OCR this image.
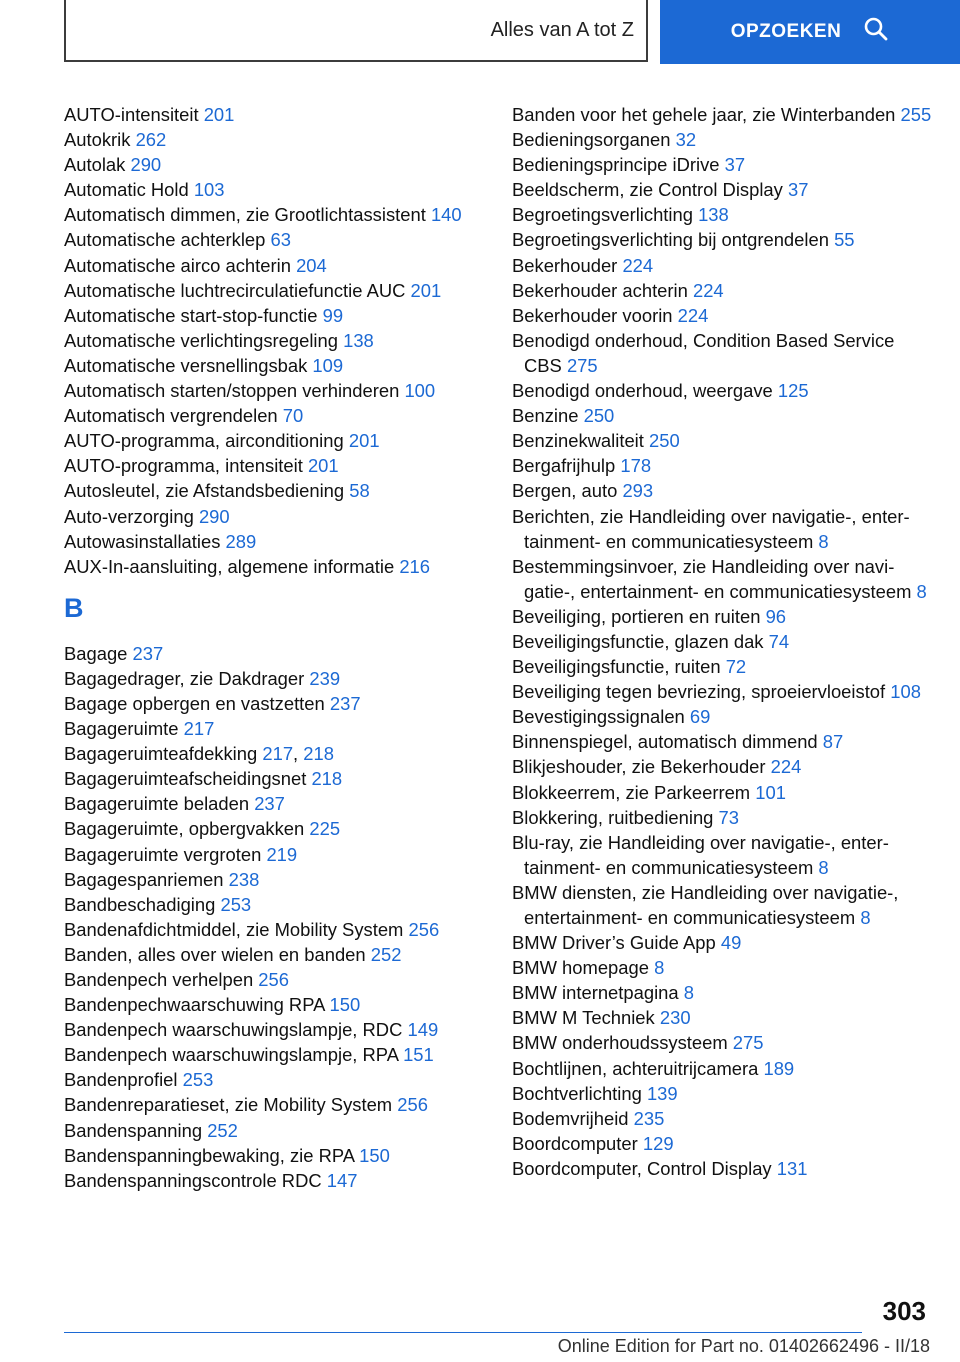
Alles van A tot Z	OPZOEKEN

AUTO-intensiteit 201

Autokrik 262

Autolak 290

Automatic Hold 103

Automatisch dimmen, zie Grootlichtassistent 140

Automatische achterklep 63

Automatische airco achterin 204

Automatische luchtrecirculatiefunctie AUC 201

Automatische start-stop-functie 99

Automatische verlichtingsregeling 138

Automatische versnellingsbak 109

Automatisch starten/stoppen verhinderen 100

Automatisch vergrendelen 70

AUTO-programma, airconditioning 201

AUTO-programma, intensiteit 201

Autosleutel, zie Afstandsbediening 58

Auto-verzorging 290

Autowasinstallaties 289

AUX-In-aansluiting, algemene informatie 216

B

Bagage 237

Bagagedrager, zie Dakdrager 239

Bagage opbergen en vastzetten 237

Bagageruimte 217

Bagageruimteafdekking 217, 218

Bagageruimteafscheidingsnet 218

Bagageruimte beladen 237

Bagageruimte, opbergvakken 225

Bagageruimte vergroten 219

Bagagespanriemen 238

Bandbeschadiging 253

Bandenafdichtmiddel, zie Mobility System 256

Banden, alles over wielen en banden 252

Bandenpech verhelpen 256

Bandenpechwaarschuwing RPA 150

Bandenpech waarschuwingslampje, RDC 149

Bandenpech waarschuwingslampje, RPA 151

Bandenprofiel 253

Bandenreparatieset, zie Mobility System 256

Bandenspanning 252

Bandenspanningbewaking, zie RPA 150

Bandenspanningscontrole RDC 147

Banden voor het gehele jaar, zie Winterbanden 255

Bedieningsorganen 32

Bedieningsprincipe iDrive 37

Beeldscherm, zie Control Display 37

Begroetingsverlichting 138

Begroetingsverlichting bij ontgrendelen 55

Bekerhouder 224

Bekerhouder achterin 224

Bekerhouder voorin 224

Benodigd onderhoud, Condition Based Service CBS 275

Benodigd onderhoud, weergave 125

Benzine 250

Benzinekwaliteit 250

Bergafrijhulp 178

Bergen, auto 293

Berichten, zie Handleiding over navigatie-, entertainment- en communicatiesysteem 8

Bestemmingsinvoer, zie Handleiding over navigatie-, entertainment- en communicatiesysteem 8

Beveiliging, portieren en ruiten 96

Beveiligingsfunctie, glazen dak 74

Beveiligingsfunctie, ruiten 72

Beveiliging tegen bevriezing, sproeiervloeistof 108

Bevestigingssignalen 69

Binnenspiegel, automatisch dimmend 87

Blikjeshouder, zie Bekerhouder 224

Blokkeerrem, zie Parkeerrem 101

Blokkering, ruitbediening 73

Blu-ray, zie Handleiding over navigatie-, entertainment- en communicatiesysteem 8

BMW diensten, zie Handleiding over navigatie-, entertainment- en communicatiesysteem 8

BMW Driver’s Guide App 49

BMW homepage 8

BMW internetpagina 8

BMW M Techniek 230

BMW onderhoudssysteem 275

Bochtlijnen, achteruitrijcamera 189

Bochtverlichting 139

Bodemvrijheid 235

Boordcomputer 129

Boordcomputer, Control Display 131

303
Online Edition for Part no. 01402662496 - II/18
